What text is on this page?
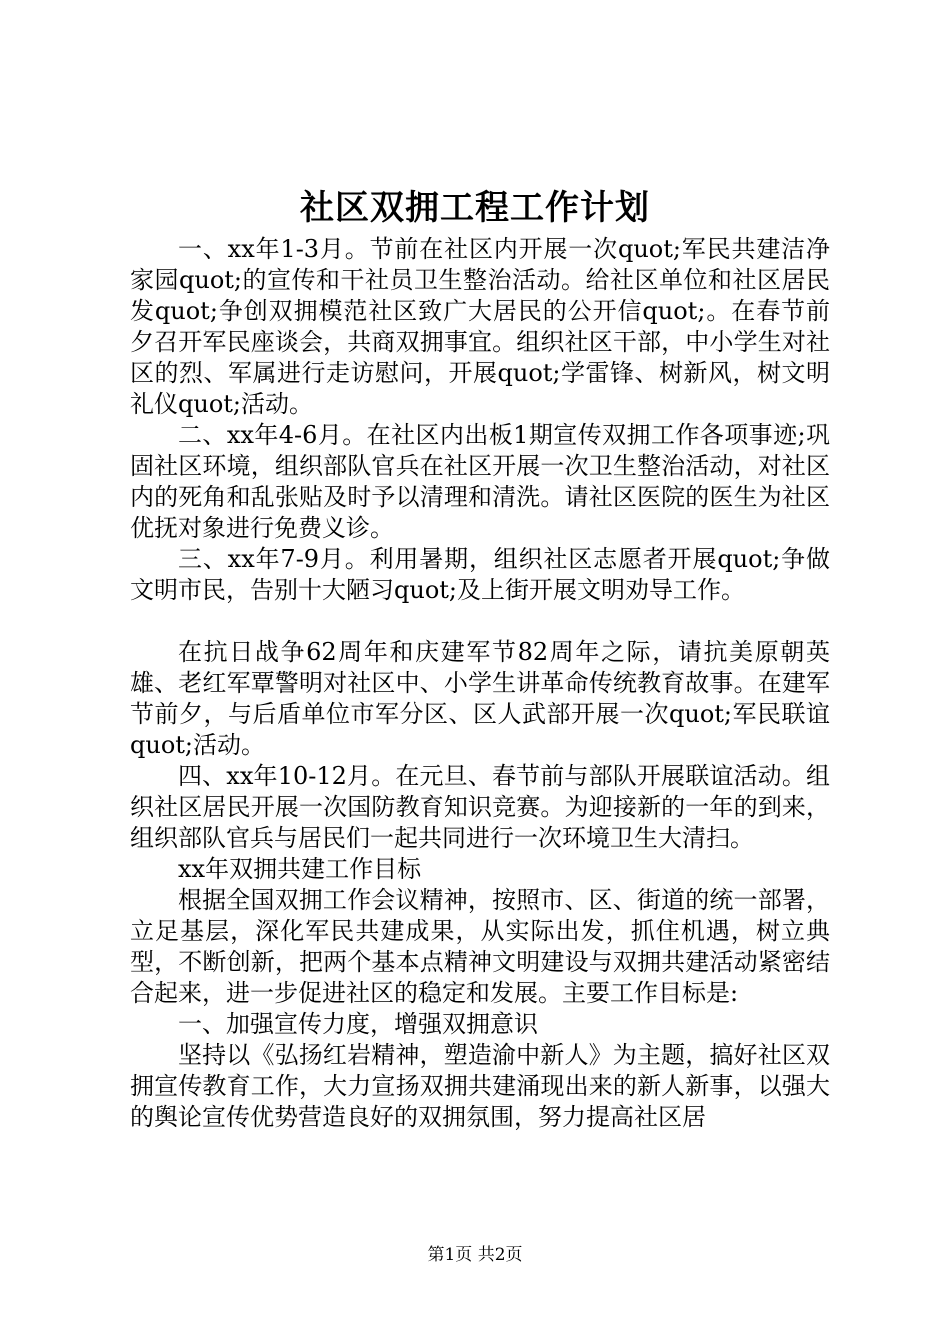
社区双拥工程工作计划

一、xx年1-3月。节前在社区内开展一次quot;军民共建洁净家园quot;的宣传和干社员卫生整治活动。给社区单位和社区居民发quot;争创双拥模范社区致广大居民的公开信quot;。在春节前夕召开军民座谈会，共商双拥事宜。组织社区干部，中小学生对社区的烈、军属进行走访慰问，开展quot;学雷锋、树新风，树文明礼仪quot;活动。

二、xx年4-6月。在社区内出板1期宣传双拥工作各项事迹;巩固社区环境，组织部队官兵在社区开展一次卫生整治活动，对社区内的死角和乱张贴及时予以清理和清洗。请社区医院的医生为社区优抚对象进行免费义诊。

三、xx年7-9月。利用暑期，组织社区志愿者开展quot;争做文明市民，告别十大陋习quot;及上街开展文明劝导工作。

在抗日战争62周年和庆建军节82周年之际，请抗美原朝英雄、老红军覃警明对社区中、小学生讲革命传统教育故事。在建军节前夕，与后盾单位市军分区、区人武部开展一次quot;军民联谊quot;活动。

四、xx年10-12月。在元旦、春节前与部队开展联谊活动。组织社区居民开展一次国防教育知识竞赛。为迎接新的一年的到来，组织部队官兵与居民们一起共同进行一次环境卫生大清扫。

xx年双拥共建工作目标

根据全国双拥工作会议精神，按照市、区、街道的统一部署，立足基层，深化军民共建成果，从实际出发，抓住机遇，树立典型，不断创新，把两个基本点精神文明建设与双拥共建活动紧密结合起来，进一步促进社区的稳定和发展。主要工作目标是:

一、加强宣传力度，增强双拥意识

坚持以《弘扬红岩精神，塑造渝中新人》为主题，搞好社区双拥宣传教育工作，大力宣扬双拥共建涌现出来的新人新事，以强大的舆论宣传优势营造良好的双拥氛围，努力提高社区居

第1页 共2页
